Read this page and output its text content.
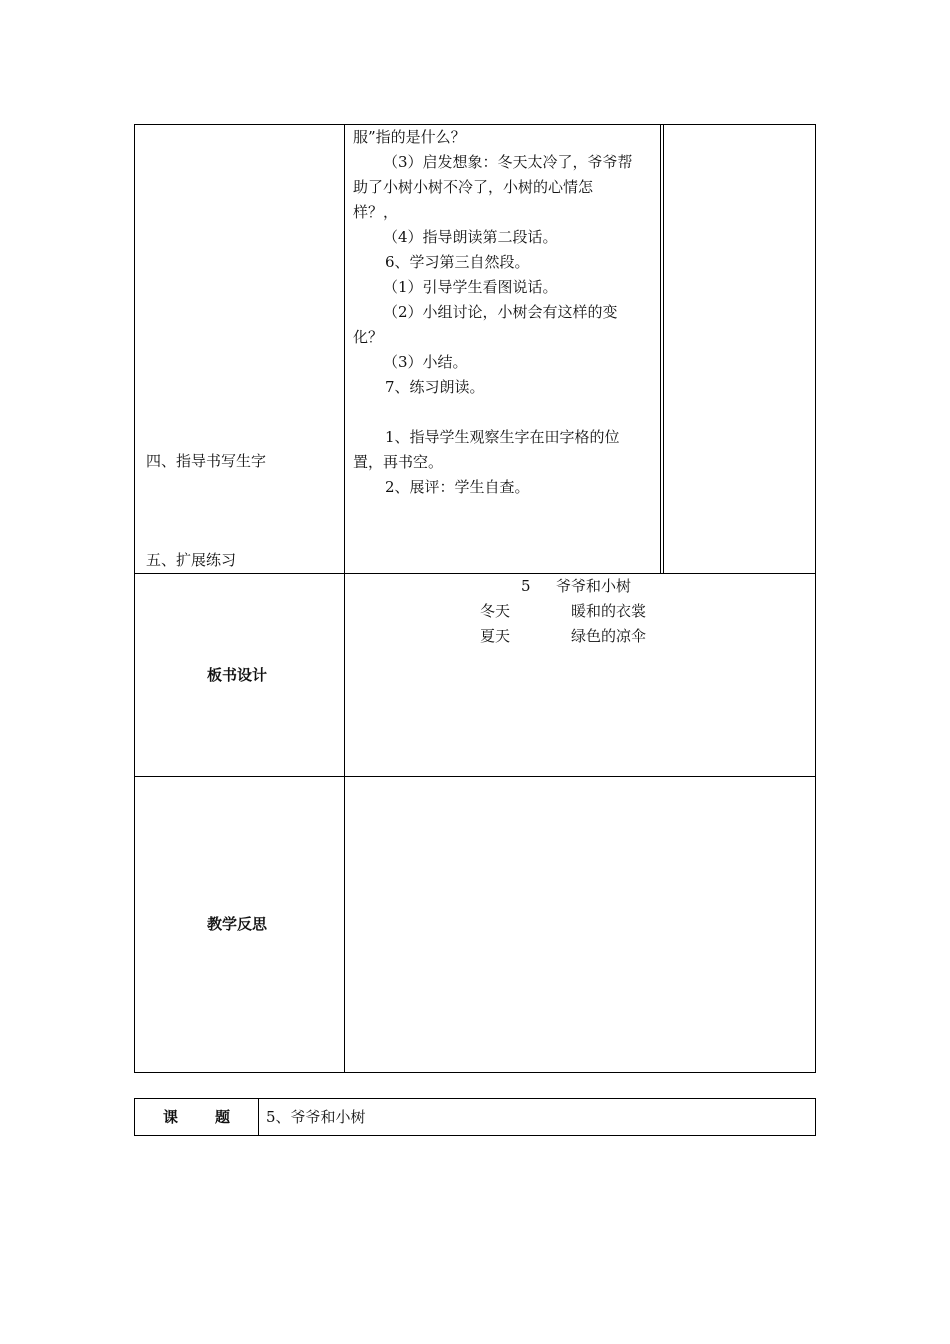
四、指导书写生字
五、扩展练习
服”指的是什么？
（3）启发想象：冬天太冷了，爷爷帮
助了小树小树不冷了，小树的心情怎
样？，
（4）指导朗读第二段话。
6、学习第三自然段。
（1）引导学生看图说话。
（2）小组讨论，小树会有这样的变
化？
（3）小结。
7、练习朗读。
1、指导学生观察生字在田字格的位
置，再书空。
2、展评：学生自查。
板书设计
5 爷爷和小树
冬天	暖和的衣裳
夏天	绿色的凉伞
教学反思
课 题 5、爷爷和小树
